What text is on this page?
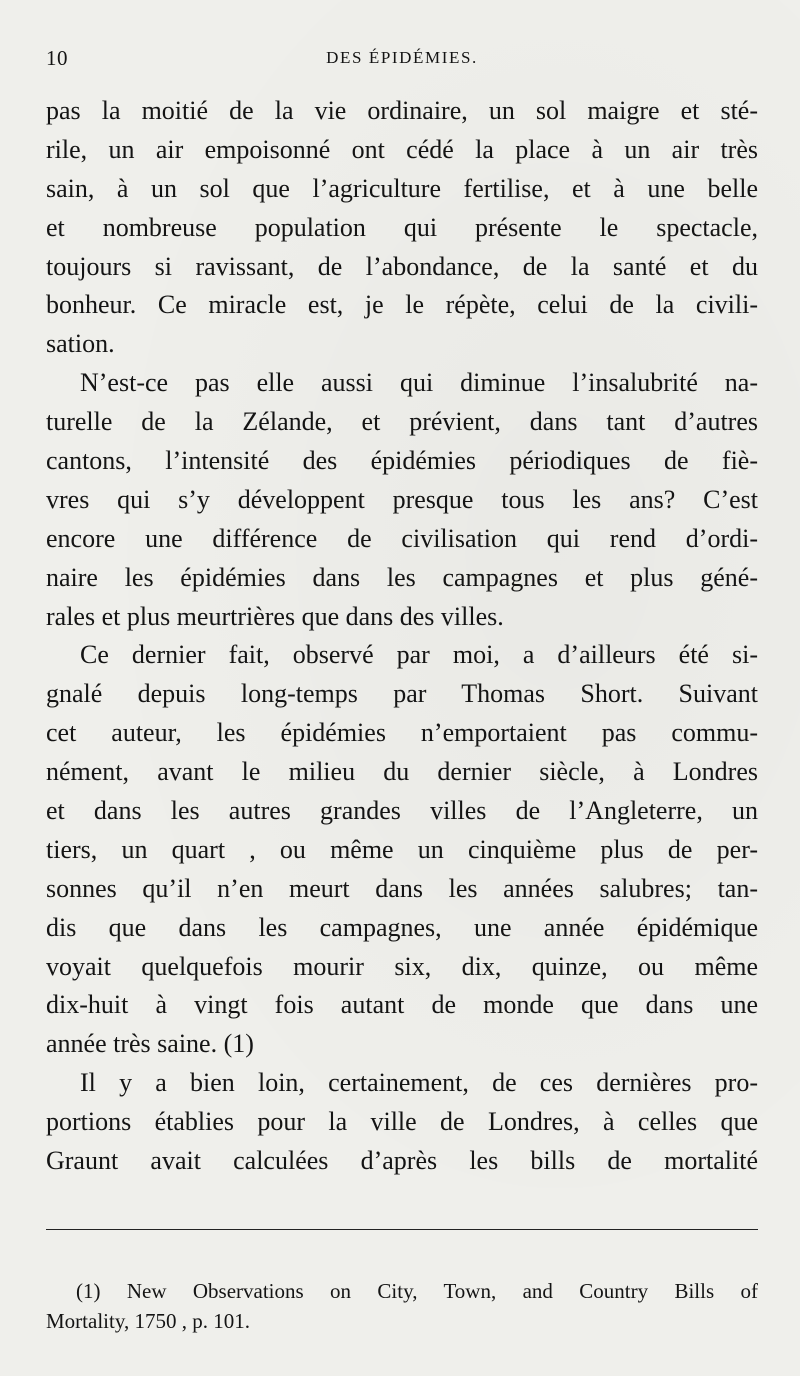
10	DES ÉPIDÉMIES.
pas la moitié de la vie ordinaire, un sol maigre et sté-
rile, un air empoisonné ont cédé la place à un air très
sain, à un sol que l’agriculture fertilise, et à une belle
et nombreuse population qui présente le spectacle,
toujours si ravissant, de l’abondance, de la santé et du
bonheur. Ce miracle est, je le répète, celui de la civili-
sation.
N’est-ce pas elle aussi qui diminue l’insalubrité na-
turelle de la Zélande, et prévient, dans tant d’autres
cantons, l’intensité des épidémies périodiques de fiè-
vres qui s’y développent presque tous les ans? C’est
encore une différence de civilisation qui rend d’ordi-
naire les épidémies dans les campagnes et plus géné-
rales et plus meurtrières que dans des villes.
Ce dernier fait, observé par moi, a d’ailleurs été si-
gnalé depuis long-temps par Thomas Short. Suivant
cet auteur, les épidémies n’emportaient pas commu-
nément, avant le milieu du dernier siècle, à Londres
et dans les autres grandes villes de l’Angleterre, un
tiers, un quart , ou même un cinquième plus de per-
sonnes qu’il n’en meurt dans les années salubres; tan-
dis que dans les campagnes, une année épidémique
voyait quelquefois mourir six, dix, quinze, ou même
dix-huit à vingt fois autant de monde que dans une
année très saine. (1)
Il y a bien loin, certainement, de ces dernières pro-
portions établies pour la ville de Londres, à celles que
Graunt avait calculées d’après les bills de mortalité
(1) New Observations on City, Town, and Country Bills of
Mortality, 1750 , p. 101.
